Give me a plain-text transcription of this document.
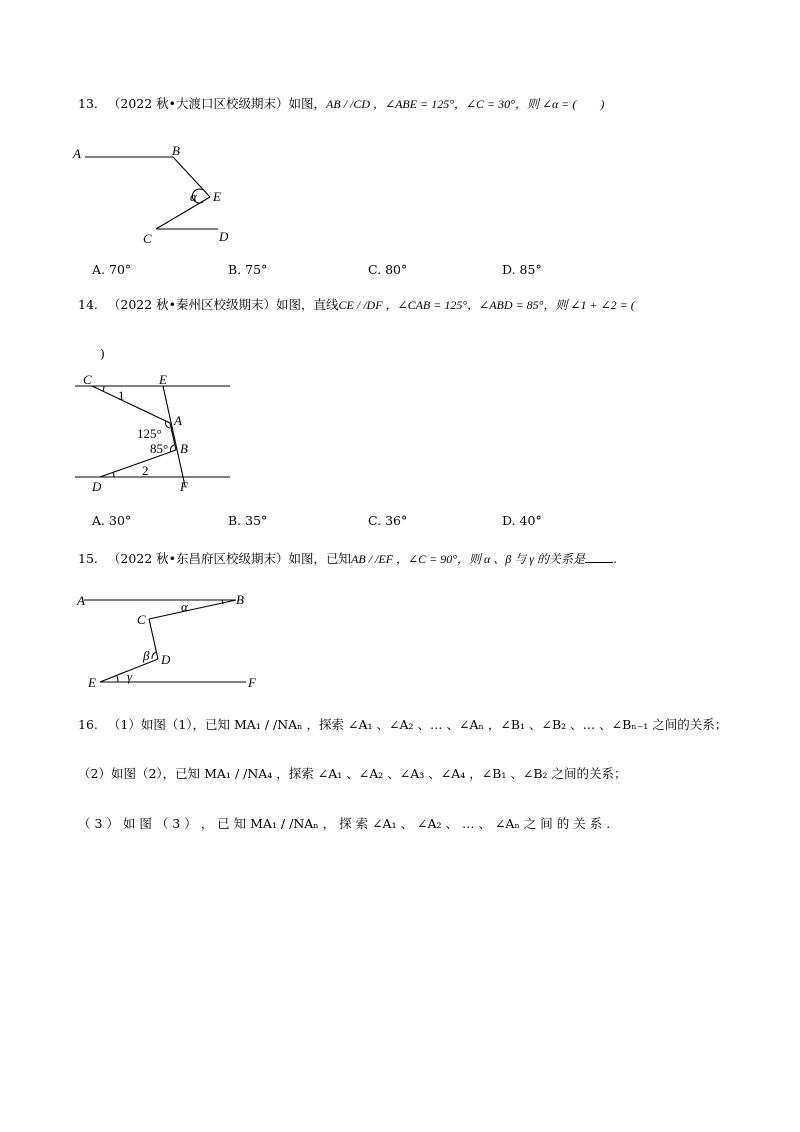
13. （2022 秋•大渡口区校级期末）如图，AB / /CD ，∠ABE = 125°，∠C = 30°，则 ∠α = (　　)
A	B
E
α
C	D
A. 70°	B. 75°	C. 80°	D. 85°
14. （2022 秋•秦州区校级期末）如图，直线CE / /DF ，∠CAB = 125°，∠ABD = 85°，则 ∠1 + ∠2 = (
)
C	E
1
A
125°
85° B
2
D	F
A. 30°	B. 35°	C. 36°	D. 40°
15. （2022 秋•东昌府区校级期末）如图，已知AB / /EF ，∠C = 90°，则 α 、β 与 γ 的关系是 .
A	α	B
C
β D
γ
E	F
16. （1）如图（1），已知 MA₁ / /NAₙ ，探索 ∠A₁ 、∠A₂ 、… 、∠Aₙ ，∠B₁ 、∠B₂ 、… 、∠Bₙ₋₁ 之间的关系；
（2）如图（2），已知 MA₁ / /NA₄ ，探索 ∠A₁ 、∠A₂ 、∠A₃ 、∠A₄ ，∠B₁ 、∠B₂ 之间的关系；
（ 3 ） 如 图 （ 3 ） ， 已 知 MA₁ / /NAₙ ， 探 索 ∠A₁ 、 ∠A₂ 、 … 、 ∠Aₙ 之 间 的 关 系 .
